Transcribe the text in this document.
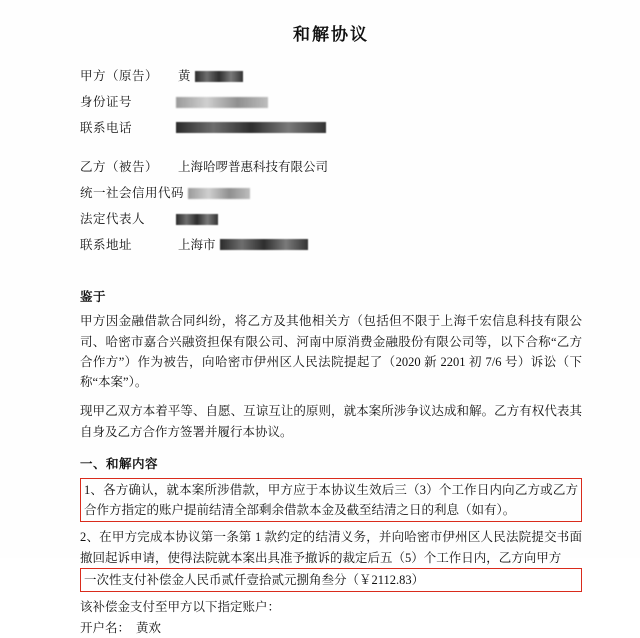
和解协议
甲方（原告）	黄
身份证号
联系电话
乙方（被告）	上海哈啰普惠科技有限公司
统一社会信用代码
法定代表人
联系地址	上海市
鉴于
甲方因金融借款合同纠纷，将乙方及其他相关方（包括但不限于上海千宏信息科技有限公司、哈密市嘉合兴融资担保有限公司、河南中原消费金融股份有限公司等，以下合称“乙方合作方”）作为被告，向哈密市伊州区人民法院提起了（2020 新 2201 初 7/6 号）诉讼（下称“本案”）。
现甲乙双方本着平等、自愿、互谅互让的原则，就本案所涉争议达成和解。乙方有权代表其自身及乙方合作方签署并履行本协议。
一、和解内容
1、各方确认，就本案所涉借款，甲方应于本协议生效后三（3）个工作日内向乙方或乙方合作方指定的账户提前结清全部剩余借款本金及截至结清之日的利息（如有）。
2、在甲方完成本协议第一条第 1 款约定的结清义务，并向哈密市伊州区人民法院提交书面撤回起诉申请，使得法院就本案出具准予撤诉的裁定后五（5）个工作日内，乙方向甲方
一次性支付补偿金人民币贰仟壹拾贰元捌角叁分（￥2112.83）
该补偿金支付至甲方以下指定账户：
开户名： 黄欢
